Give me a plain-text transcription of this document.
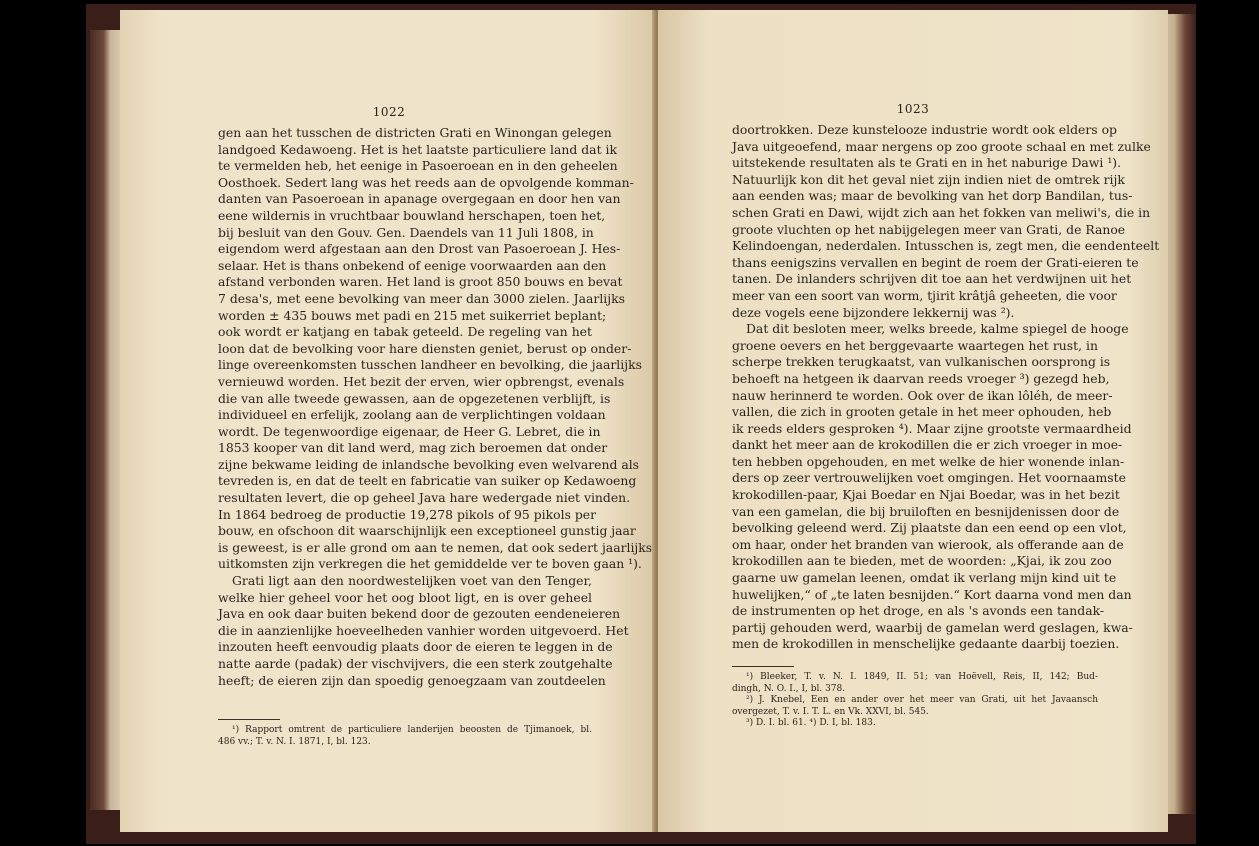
1022
gen aan het tusschen de districten Grati en Winongan gelegen
landgoed Kedawoeng. Het is het laatste particuliere land dat ik
te vermelden heb, het eenige in Pasoeroean en in den geheelen
Oosthoek. Sedert lang was het reeds aan de opvolgende komman-
danten van Pasoeroean in apanage overgegaan en door hen van
eene wildernis in vruchtbaar bouwland herschapen, toen het,
bij besluit van den Gouv. Gen. Daendels van 11 Juli 1808, in
eigendom werd afgestaan aan den Drost van Pasoeroean J. Hes-
selaar. Het is thans onbekend of eenige voorwaarden aan den
afstand verbonden waren. Het land is groot 850 bouws en bevat
7 desa's, met eene bevolking van meer dan 3000 zielen. Jaarlijks
worden ± 435 bouws met padi en 215 met suikerriet beplant;
ook wordt er katjang en tabak geteeld. De regeling van het
loon dat de bevolking voor hare diensten geniet, berust op onder-
linge overeenkomsten tusschen landheer en bevolking, die jaarlijks
vernieuwd worden. Het bezit der erven, wier opbrengst, evenals
die van alle tweede gewassen, aan de opgezetenen verblijft, is
individueel en erfelijk, zoolang aan de verplichtingen voldaan
wordt. De tegenwoordige eigenaar, de Heer G. Lebret, die in
1853 kooper van dit land werd, mag zich beroemen dat onder
zijne bekwame leiding de inlandsche bevolking even welvarend als
tevreden is, en dat de teelt en fabricatie van suiker op Kedawoeng
resultaten levert, die op geheel Java hare wedergade niet vinden.
In 1864 bedroeg de productie 19,278 pikols of 95 pikols per
bouw, en ofschoon dit waarschijnlijk een exceptioneel gunstig jaar
is geweest, is er alle grond om aan te nemen, dat ook sedert jaarlijks
uitkomsten zijn verkregen die het gemiddelde ver te boven gaan ¹).
Grati ligt aan den noordwestelijken voet van den Tenger,
welke hier geheel voor het oog bloot ligt, en is over geheel
Java en ook daar buiten bekend door de gezouten eendeneieren
die in aanzienlijke hoeveelheden vanhier worden uitgevoerd. Het
inzouten heeft eenvoudig plaats door de eieren te leggen in de
natte aarde (padak) der vischvijvers, die een sterk zoutgehalte
heeft; de eieren zijn dan spoedig genoegzaam van zoutdeelen
¹) Rapport omtrent de particuliere landerijen beoosten de Tjimanoek, bl.
486 vv.; T. v. N. I. 1871, I, bl. 123.
1023
doortrokken. Deze kunsteloоze industrie wordt ook elders op
Java uitgeoefend, maar nergens op zoo groote schaal en met zulke
uitstekende resultaten als te Grati en in het naburige Dawi ¹).
Natuurlijk kon dit het geval niet zijn indien niet de omtrek rijk
aan eenden was; maar de bevolking van het dorp Bandilan, tus-
schen Grati en Dawi, wijdt zich aan het fokken van meliwi's, die in
groote vluchten op het nabijgelegen meer van Grati, de Ranoe
Kelindoengan, nederdalen. Intusschen is, zegt men, die eendenteelt
thans eenigszins vervallen en begint de roem der Grati-eieren te
tanen. De inlanders schrijven dit toe aan het verdwijnen uit het
meer van een soort van worm, tjirit krâtjâ geheeten, die voor
deze vogels eene bijzondere lekkernij was ²).
Dat dit besloten meer, welks breede, kalme spiegel de hooge
groene oevers en het berggevaarte waartegen het rust, in
scherpe trekken terugkaatst, van vulkanischen oorsprong is
behoeft na hetgeen ik daarvan reeds vroeger ³) gezegd heb,
nauw herinnerd te worden. Ook over de ikan lôléh, de meer-
vallen, die zich in grooten getale in het meer ophouden, heb
ik reeds elders gesproken ⁴). Maar zijne grootste vermaardheid
dankt het meer aan de krokodillen die er zich vroeger in moe-
ten hebben opgehouden, en met welke de hier wonende inlan-
ders op zeer vertrouwelijken voet omgingen. Het voornaamste
krokodillen-paar, Kjai Boedar en Njai Boedar, was in het bezit
van een gamelan, die bij bruiloften en besnijdenissen door de
bevolking geleend werd. Zij plaatste dan een eend op een vlot,
om haar, onder het branden van wierook, als offerande aan de
krokodillen aan te bieden, met de woorden: „Kjai, ik zou zoo
gaarne uw gamelan leenen, omdat ik verlang mijn kind uit te
huwelijken,“ of „te laten besnijden.“ Kort daarna vond men dan
de instrumenten op het droge, en als 's avonds een tandak-
partij gehouden werd, waarbij de gamelan werd geslagen, kwa-
men de krokodillen in menschelijke gedaante daarbij toezien.
¹) Bleeker, T. v. N. I. 1849, II. 51; van Hoëvell, Reis, II, 142; Bud-
dingh, N. O. I., I, bl. 378.
²) J. Knebel, Een en ander over het meer van Grati, uit het Javaansch
overgezet, T. v. I. T. L. en Vk. XXVI, bl. 545.
³) D. I. bl. 61. ⁴) D. I, bl. 183.
